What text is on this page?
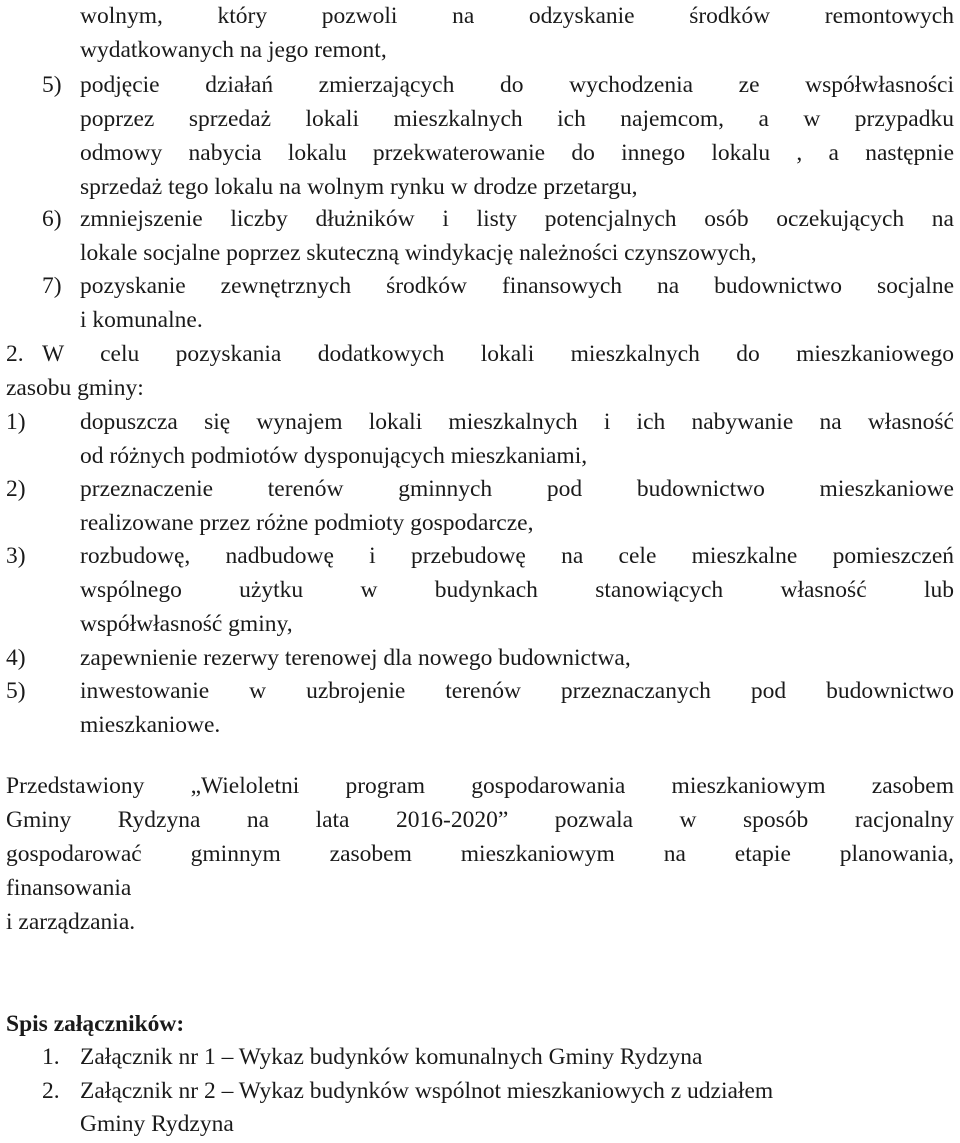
wolnym, który pozwoli na odzyskanie środków remontowych
wydatkowanych na jego remont,
5) podjęcie działań zmierzających do wychodzenia ze współwłasności
poprzez sprzedaż lokali mieszkalnych ich najemcom, a w przypadku
odmowy nabycia lokalu przekwaterowanie do innego lokalu , a następnie
sprzedaż tego lokalu na wolnym rynku w drodze przetargu,
6) zmniejszenie liczby dłużników i listy potencjalnych osób oczekujących na
lokale socjalne poprzez skuteczną windykację należności czynszowych,
7) pozyskanie zewnętrznych środków finansowych na budownictwo socjalne
i komunalne.
2. W celu pozyskania dodatkowych lokali mieszkalnych do mieszkaniowego
zasobu gminy:
1) dopuszcza się wynajem lokali mieszkalnych i ich nabywanie na własność
od różnych podmiotów dysponujących mieszkaniami,
2) przeznaczenie terenów gminnych pod budownictwo mieszkaniowe
realizowane przez różne podmioty gospodarcze,
3) rozbudowę, nadbudowę i przebudowę na cele mieszkalne pomieszczeń
wspólnego użytku w budynkach stanowiących własność lub
współwłasność gminy,
4) zapewnienie rezerwy terenowej dla nowego budownictwa,
5) inwestowanie w uzbrojenie terenów przeznaczanych pod budownictwo
mieszkaniowe.
Przedstawiony „Wieloletni program gospodarowania mieszkaniowym zasobem
Gminy Rydzyna na lata 2016-2020” pozwala w sposób racjonalny
gospodarować gminnym zasobem mieszkaniowym na etapie planowania,
finansowania
i zarządzania.
Spis załączników:
1. Załącznik nr 1 – Wykaz budynków komunalnych Gminy Rydzyna
2. Załącznik nr 2 – Wykaz budynków wspólnot mieszkaniowych z udziałem
Gminy Rydzyna
